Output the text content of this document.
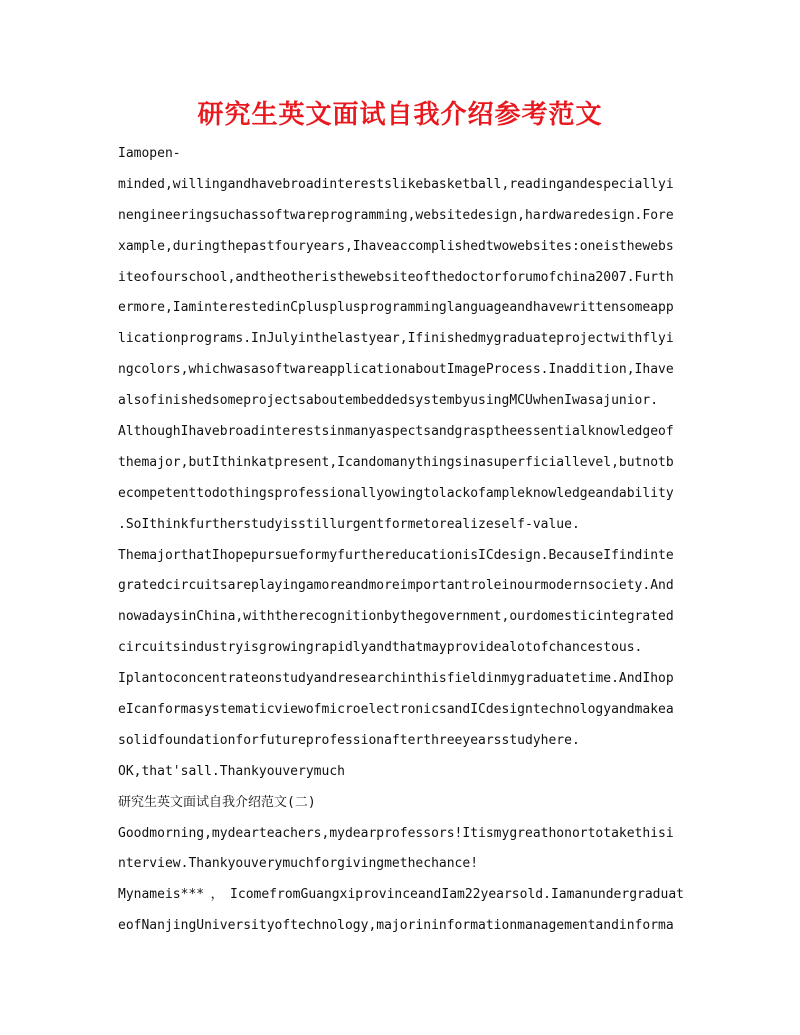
研究生英文面试自我介绍参考范文
Iamopen-
minded,willingandhavebroadinterestslikebasketball,readingandespeciallyi
nengineeringsuchassoftwareprogramming,websitedesign,hardwaredesign.Fore
xample,duringthepastfouryears,Ihaveaccomplishedtwowebsites:oneisthewebs
iteofourschool,andtheotheristhewebsiteofthedoctorforumofchina2007.Furth
ermore,IaminterestedinCplusplusprogramminglanguageandhavewrittensomeapp
licationprograms.InJulyinthelastyear,Ifinishedmygraduateprojectwithflyi
ngcolors,whichwasasoftwareapplicationaboutImageProcess.Inaddition,Ihave
alsofinishedsomeprojectsaboutembeddedsystembyusingMCUwhenIwasajunior.
AlthoughIhavebroadinterestsinmanyaspectsandgrasptheessentialknowledgeof
themajor,butIthinkatpresent,Icandomanythingsinasuperficiallevel,butnotb
ecompetenttodothingsprofessionallyowingtolackofampleknowledgeandability
.SoIthinkfurtherstudyisstillurgentformetorealizeself-value.
ThemajorthatIhopepursueformyfurthereducationisICdesign.BecauseIfindinte
gratedcircuitsareplayingamoreandmoreimportantroleinourmodernsociety.And
nowadaysinChina,withtherecognitionbythegovernment,ourdomesticintegrated
circuitsindustryisgrowingrapidlyandthatmayprovidealotofchancestous.
Iplantoconcentrateonstudyandresearchinthisfieldinmygraduatetime.AndIhop
eIcanformasystematicviewofmicroelectronicsandICdesigntechnologyandmakea
solidfoundationforfutureprofessionafterthreeyearsstudyhere.
OK,that'sall.Thankyouverymuch
研究生英文面试自我介绍范文(二)
Goodmorning,mydearteachers,mydearprofessors!Itismygreathonortotakethisi
nterview.Thankyouverymuchforgivingmethechance!
Mynameis***，IcomefromGuangxiprovinceandIam22yearsold.Iamanundergraduat
eofNanjingUniversityoftechnology,majorininformationmanagementandinforma
